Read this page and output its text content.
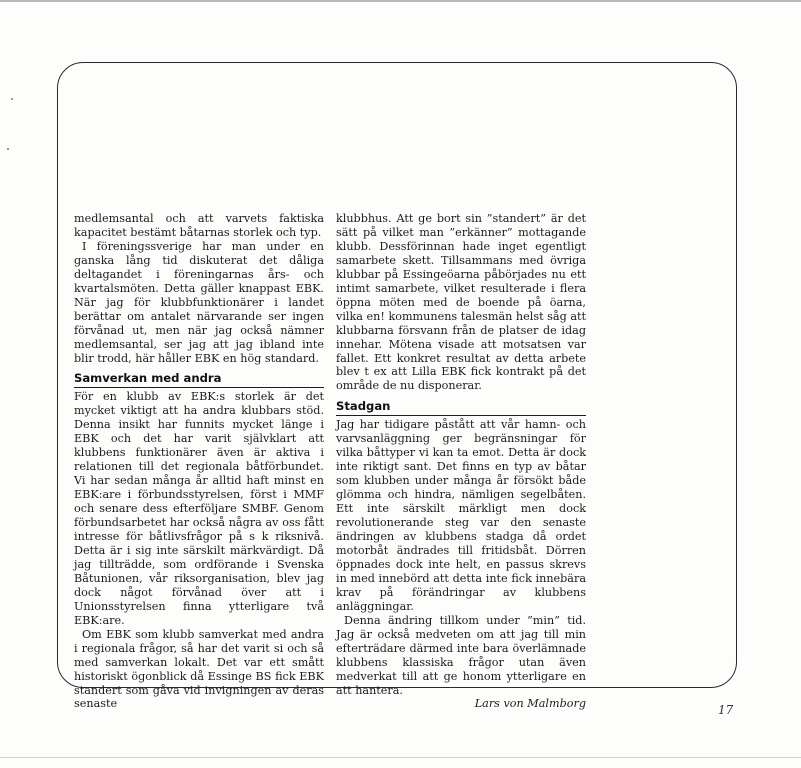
medlemsantal och att varvets faktiska kapacitet bestämt båtarnas storlek och typ.

I föreningssverige har man under en ganska lång tid diskuterat det dåliga deltagandet i föreningarnas års- och kvartalsmöten. Detta gäller knappast EBK. När jag för klubbfunktionärer i landet berättar om antalet närvarande ser ingen förvånad ut, men när jag också nämner medlemsantal, ser jag att jag ibland inte blir trodd, här håller EBK en hög standard.

Samverkan med andra

För en klubb av EBK:s storlek är det mycket viktigt att ha andra klubbars stöd. Denna insikt har funnits mycket länge i EBK och det har varit självklart att klubbens funktionärer även är aktiva i relationen till det regionala båtförbundet. Vi har sedan många år alltid haft minst en EBK:are i förbundsstyrelsen, först i MMF och senare dess efterföljare SMBF. Genom förbundsarbetet har också några av oss fått intresse för båtlivsfrågor på s k riksnivå. Detta är i sig inte särskilt märkvärdigt. Då jag tillträdde, som ordförande i Svenska Båtunionen, vår riksorganisation, blev jag dock något förvånad över att i Unionsstyrelsen finna ytterligare två EBK:are.

Om EBK som klubb samverkat med andra i regionala frågor, så har det varit si och så med samverkan lokalt. Det var ett smått historiskt ögonblick då Essinge BS fick EBK standert som gåva vid invigningen av deras senaste

klubbhus. Att ge bort sin ”standert” är det sätt på vilket man ”erkänner” mottagande klubb. Dessförinnan hade inget egentligt samarbete skett. Tillsammans med övriga klubbar på Essingeöarna påbörjades nu ett intimt samarbete, vilket resulterade i flera öppna möten med de boende på öarna, vilka en! kommunens talesmän helst såg att klubbarna försvann från de platser de idag innehar. Mötena visade att motsatsen var fallet. Ett konkret resultat av detta arbete blev t ex att Lilla EBK fick kontrakt på det område de nu disponerar.

Stadgan

Jag har tidigare påstått att vår hamn- och varvsanläggning ger begränsningar för vilka båttyper vi kan ta emot. Detta är dock inte riktigt sant. Det finns en typ av båtar som klubben under många år försökt både glömma och hindra, nämligen segelbåten. Ett inte särskilt märkligt men dock revolutionerande steg var den senaste ändringen av klubbens stadga då ordet motorbåt ändrades till fritidsbåt. Dörren öppnades dock inte helt, en passus skrevs in med innebörd att detta inte fick innebära krav på förändringar av klubbens anläggningar.

Denna ändring tillkom under ”min” tid. Jag är också medveten om att jag till min efterträdare därmed inte bara överlämnade klubbens klassiska frågor utan även medverkat till att ge honom ytterligare en att hantera.

Lars von Malmborg	17
